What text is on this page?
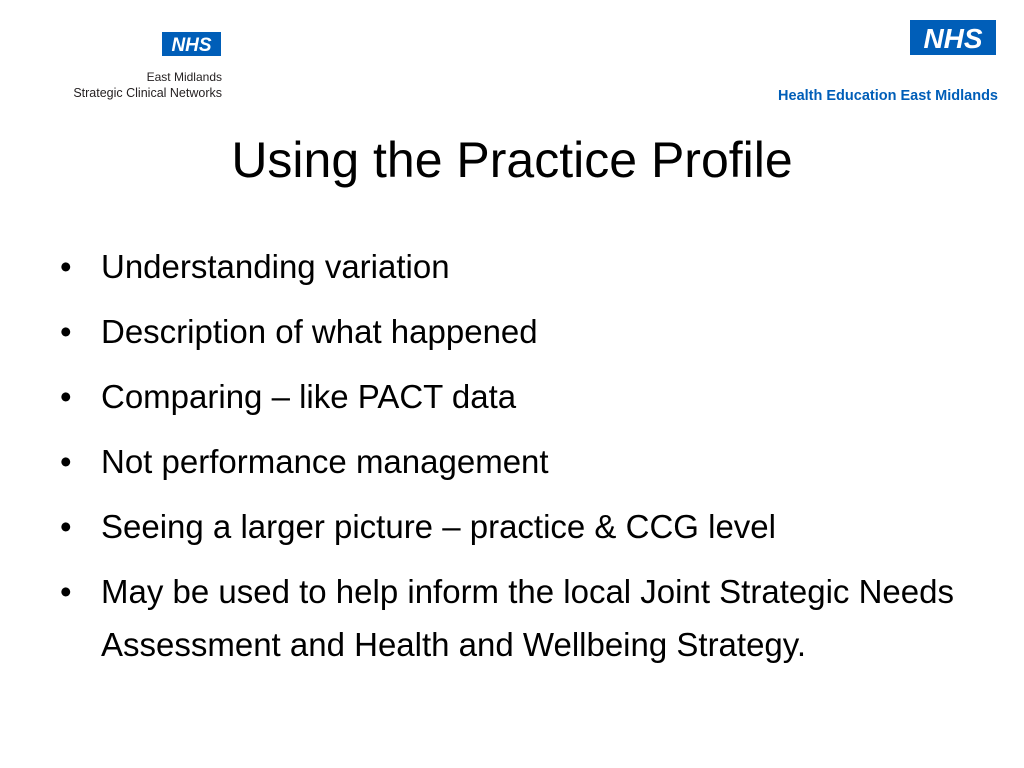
NHS
East Midlands
Strategic Clinical Networks
NHS
Health Education East Midlands
Using the Practice Profile
• Understanding variation
• Description of what happened
• Comparing – like PACT data
• Not performance management
• Seeing a larger picture – practice & CCG level
• May be used to help inform the local Joint Strategic Needs Assessment and Health and Wellbeing Strategy.
